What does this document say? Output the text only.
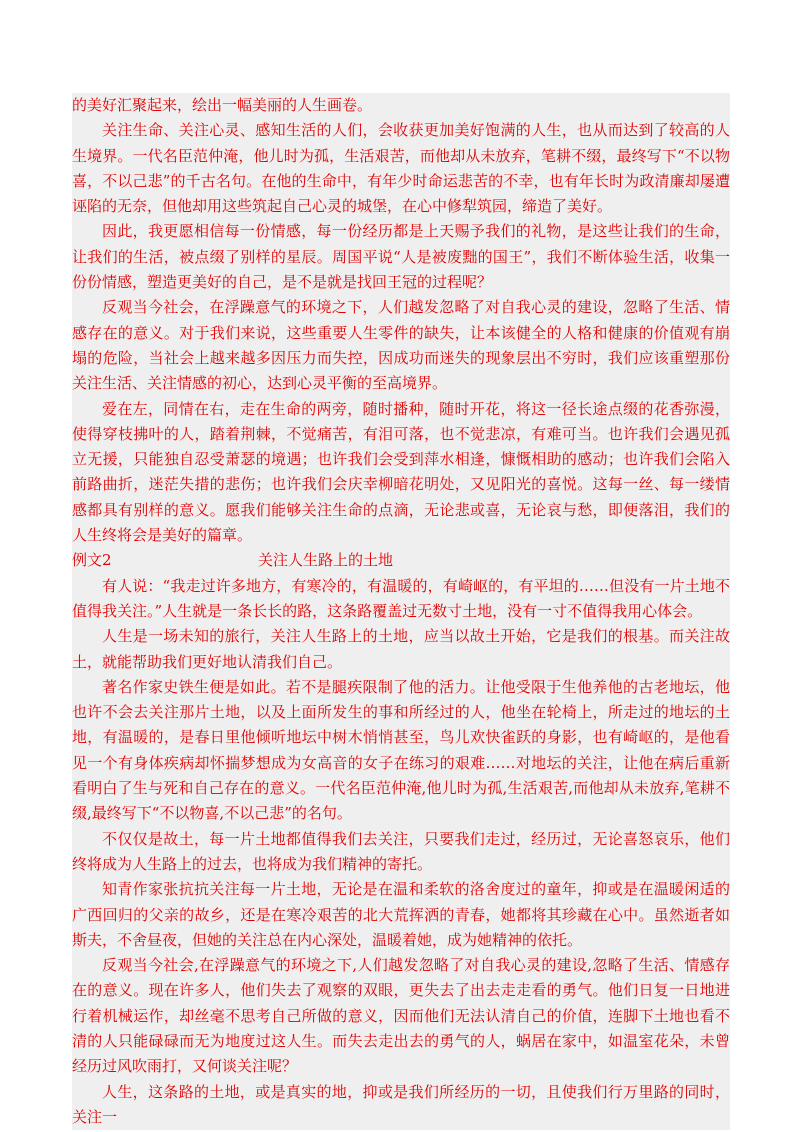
的美好汇聚起来，绘出一幅美丽的人生画卷。

关注生命、关注心灵、感知生活的人们，会收获更加美好饱满的人生，也从而达到了较高的人生境界。一代名臣范仲淹，他儿时为孤，生活艰苦，而他却从未放弃，笔耕不缀，最终写下“不以物喜，不以己悲”的千古名句。在他的生命中，有年少时命运悲苦的不幸，也有年长时为政清廉却屡遭诬陷的无奈，但他却用这些筑起自己心灵的城堡，在心中修犁筑园，缔造了美好。

因此，我更愿相信每一份情感，每一份经历都是上天赐予我们的礼物，是这些让我们的生命，让我们的生活，被点缀了别样的星辰。周国平说“人是被废黜的国王”，我们不断体验生活，收集一份份情感，塑造更美好的自己，是不是就是找回王冠的过程呢？

反观当今社会，在浮躁意气的环境之下，人们越发忽略了对自我心灵的建设，忽略了生活、情感存在的意义。对于我们来说，这些重要人生零件的缺失，让本该健全的人格和健康的价值观有崩塌的危险，当社会上越来越多因压力而失控，因成功而迷失的现象层出不穷时，我们应该重塑那份关注生活、关注情感的初心，达到心灵平衡的至高境界。

爱在左，同情在右，走在生命的两旁，随时播种，随时开花，将这一径长途点缀的花香弥漫，使得穿枝拂叶的人，踏着荆棘，不觉痛苦，有泪可落，也不觉悲凉，有难可当。也许我们会遇见孤立无援，只能独自忍受萧瑟的境遇；也许我们会受到萍水相逢，慷慨相助的感动；也许我们会陷入前路曲折，迷茫失措的悲伤；也许我们会庆幸柳暗花明处，又见阳光的喜悦。这每一丝、每一缕情感都具有别样的意义。愿我们能够关注生命的点滴，无论悲或喜，无论哀与愁，即便落泪，我们的人生终将会是美好的篇章。

例文2	关注人生路上的土地

有人说：“我走过许多地方，有寒冷的，有温暖的，有崎岖的，有平坦的……但没有一片土地不值得我关注。”人生就是一条长长的路，这条路覆盖过无数寸土地，没有一寸不值得我用心体会。

人生是一场未知的旅行，关注人生路上的土地，应当以故土开始，它是我们的根基。而关注故土，就能帮助我们更好地认清我们自己。

著名作家史铁生便是如此。若不是腿疾限制了他的活力。让他受限于生他养他的古老地坛，他也许不会去关注那片土地，以及上面所发生的事和所经过的人，他坐在轮椅上，所走过的地坛的土地，有温暖的，是春日里他倾听地坛中树木悄悄甚至，鸟儿欢快雀跃的身影，也有崎岖的，是他看见一个有身体疾病却怀揣梦想成为女高音的女子在练习的艰难……对地坛的关注，让他在病后重新看明白了生与死和自己存在的意义。一代名臣范仲淹,他儿时为孤,生活艰苦,而他却从未放弃,笔耕不缀,最终写下“不以物喜,不以己悲”的名句。

不仅仅是故土，每一片土地都值得我们去关注，只要我们走过，经历过，无论喜怒哀乐，他们终将成为人生路上的过去，也将成为我们精神的寄托。

知青作家张抗抗关注每一片土地，无论是在温和柔软的洛舍度过的童年，抑或是在温暖闲适的广西回归的父亲的故乡，还是在寒冷艰苦的北大荒挥洒的青春，她都将其珍藏在心中。虽然逝者如斯夫，不舍昼夜，但她的关注总在内心深处，温暖着她，成为她精神的依托。

反观当今社会,在浮躁意气的环境之下,人们越发忽略了对自我心灵的建设,忽略了生活、情感存在的意义。现在许多人，他们失去了观察的双眼，更失去了出去走走看的勇气。他们日复一日地进行着机械运作，却丝毫不思考自己所做的意义，因而他们无法认清自己的价值，连脚下土地也看不清的人只能碌碌而无为地度过这人生。而失去走出去的勇气的人，蜗居在家中，如温室花朵，未曾经历过风吹雨打，又何谈关注呢？

人生，这条路的土地，或是真实的地，抑或是我们所经历的一切，且使我们行万里路的同时，关注一
